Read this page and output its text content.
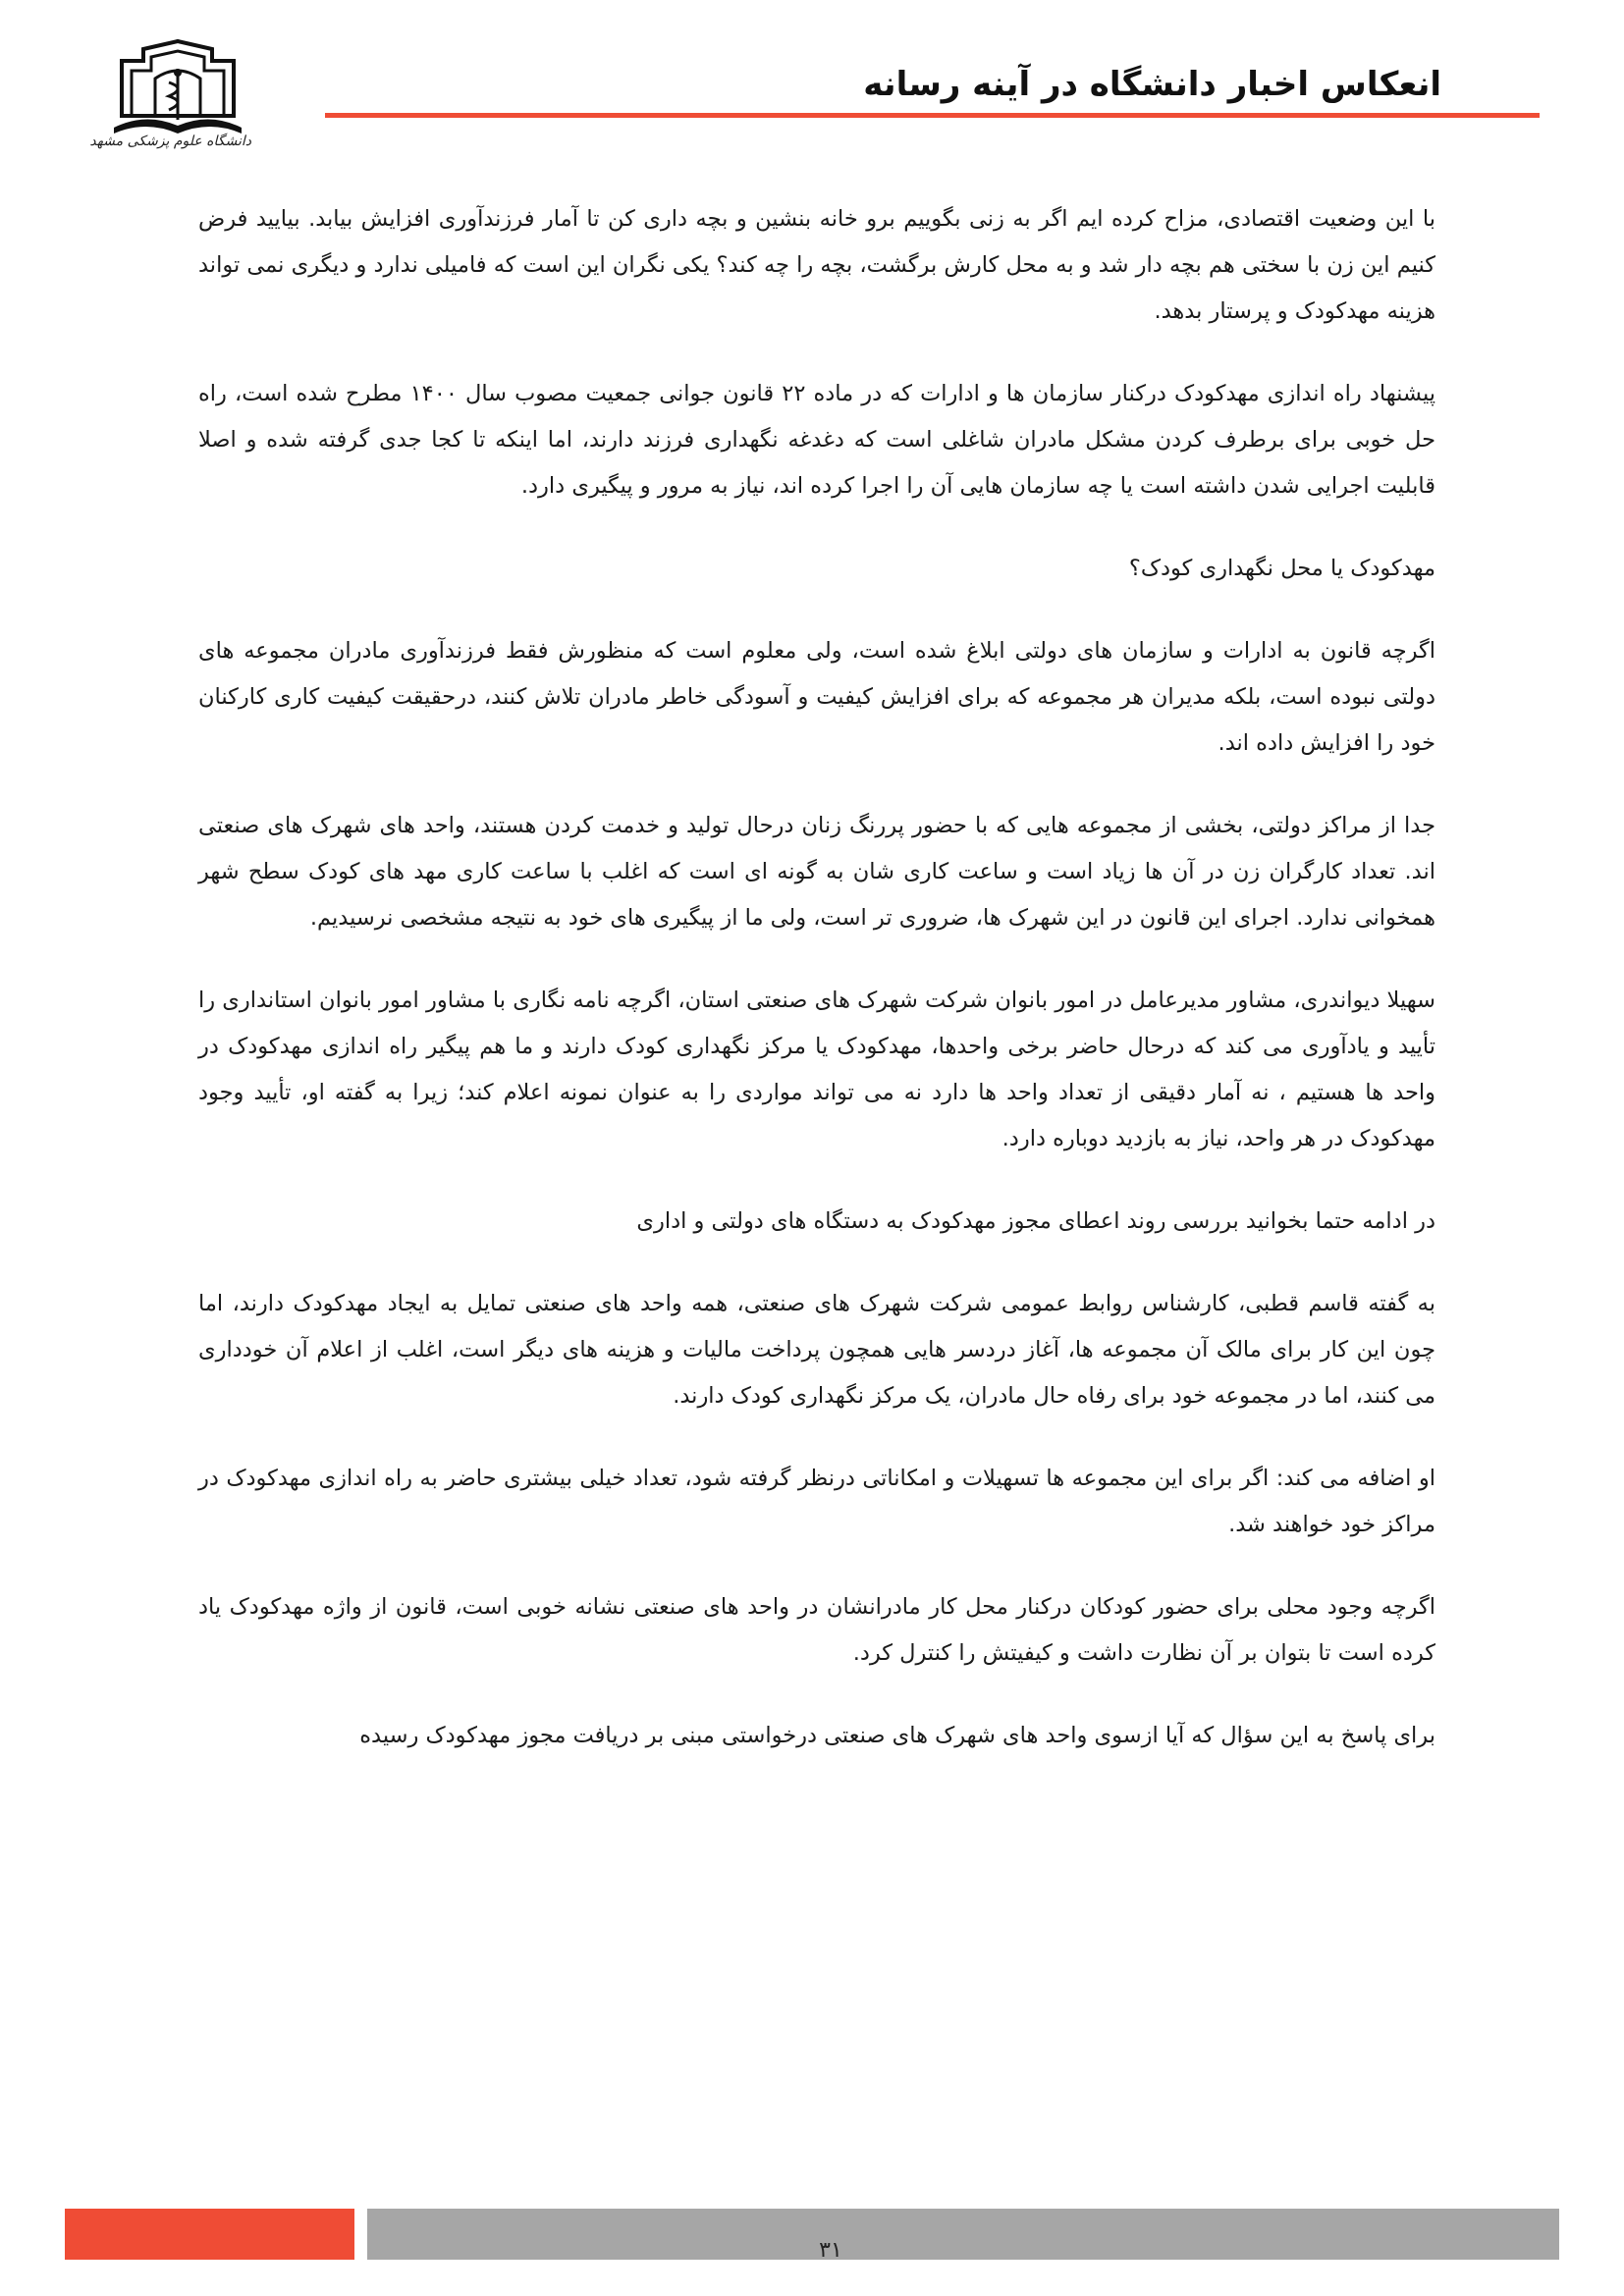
انعکاس اخبار دانشگاه در آینه رسانه
دانشگاه علوم پزشکی مشهد

با این وضعیت اقتصادی، مزاح کرده ایم اگر به زنی بگوییم برو خانه بنشین و بچه داری کن تا آمار فرزندآوری افزایش بیابد. بیایید فرض کنیم این زن با سختی هم بچه دار شد و به محل کارش برگشت، بچه را چه کند؟ یکی نگران این است که فامیلی ندارد و دیگری نمی تواند هزینه مهدکودک و پرستار بدهد.

پیشنهاد راه اندازی مهدکودک درکنار سازمان ها و ادارات که در ماده ۲۲ قانون جوانی جمعیت مصوب سال ۱۴۰۰ مطرح شده است، راه حل خوبی برای برطرف کردن مشکل مادران شاغلی است که دغدغه نگهداری فرزند دارند، اما اینکه تا کجا جدی گرفته شده و اصلا قابلیت اجرایی شدن داشته است یا چه سازمان هایی آن را اجرا کرده اند، نیاز به مرور و پیگیری دارد.

مهدکودک یا محل نگهداری کودک؟

اگرچه قانون به ادارات و سازمان های دولتی ابلاغ شده است، ولی معلوم است که منظورش فقط فرزندآوری مادران مجموعه های دولتی نبوده است، بلکه مدیران هر مجموعه که برای افزایش کیفیت و آسودگی خاطر مادران تلاش کنند، درحقیقت کیفیت کاری کارکنان خود را افزایش داده اند.

جدا از مراکز دولتی، بخشی از مجموعه هایی که با حضور پررنگ زنان درحال تولید و خدمت کردن هستند، واحد های شهرک های صنعتی اند. تعداد کارگران زن در آن ها زیاد است و ساعت کاری شان به گونه ای است که اغلب با ساعت کاری مهد های کودک سطح شهر همخوانی ندارد. اجرای این قانون در این شهرک ها، ضروری تر است، ولی ما از پیگیری های خود به نتیجه مشخصی نرسیدیم.

سهیلا دیواندری، مشاور مدیرعامل در امور بانوان شرکت شهرک های صنعتی استان، اگرچه نامه نگاری با مشاور امور بانوان استانداری را تأیید و یادآوری می کند که درحال حاضر برخی واحدها، مهدکودک یا مرکز نگهداری کودک دارند و ما هم پیگیر راه اندازی مهدکودک در واحد ها هستیم ، نه آمار دقیقی از تعداد واحد ها دارد نه می تواند مواردی را به عنوان نمونه اعلام کند؛ زیرا به گفته او، تأیید وجود مهدکودک در هر واحد، نیاز به بازدید دوباره دارد.

در ادامه حتما بخوانید بررسی روند اعطای مجوز مهدکودک به دستگاه های دولتی و اداری

به گفته قاسم قطبی، کارشناس روابط عمومی شرکت شهرک های صنعتی، همه واحد های صنعتی تمایل به ایجاد مهدکودک دارند، اما چون این کار برای مالک آن مجموعه ها، آغاز دردسر هایی همچون پرداخت مالیات و هزینه های دیگر است، اغلب از اعلام آن خودداری می کنند، اما در مجموعه خود برای رفاه حال مادران، یک مرکز نگهداری کودک دارند.

او اضافه می کند: اگر برای این مجموعه ها تسهیلات و امکاناتی درنظر گرفته شود، تعداد خیلی بیشتری حاضر به راه اندازی مهدکودک در مراکز خود خواهند شد.

اگرچه وجود محلی برای حضور کودکان درکنار محل کار مادرانشان در واحد های صنعتی نشانه خوبی است، قانون از واژه مهدکودک یاد کرده است تا بتوان بر آن نظارت داشت و کیفیتش را کنترل کرد.

برای پاسخ به این سؤال که آیا ازسوی واحد های شهرک های صنعتی درخواستی مبنی بر دریافت مجوز مهدکودک رسیده

۳۱
